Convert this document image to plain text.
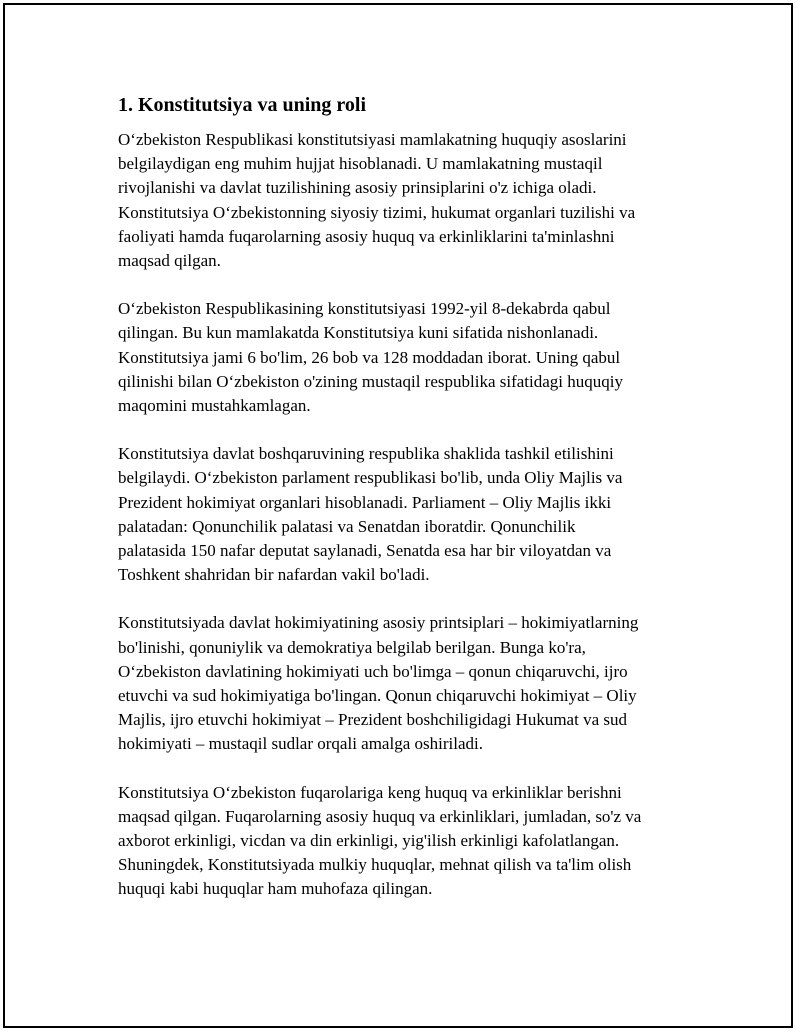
1. Konstitutsiya va uning roli

O‘zbekiston Respublikasi konstitutsiyasi mamlakatning huquqiy asoslarini
belgilaydigan eng muhim hujjat hisoblanadi. U mamlakatning mustaqil
rivojlanishi va davlat tuzilishining asosiy prinsiplarini o'z ichiga oladi.
Konstitutsiya O‘zbekistonning siyosiy tizimi, hukumat organlari tuzilishi va
faoliyati hamda fuqarolarning asosiy huquq va erkinliklarini ta'minlashni
maqsad qilgan.

O‘zbekiston Respublikasining konstitutsiyasi 1992-yil 8-dekabrda qabul
qilingan. Bu kun mamlakatda Konstitutsiya kuni sifatida nishonlanadi.
Konstitutsiya jami 6 bo'lim, 26 bob va 128 moddadan iborat. Uning qabul
qilinishi bilan O‘zbekiston o'zining mustaqil respublika sifatidagi huquqiy
maqomini mustahkamlagan.

Konstitutsiya davlat boshqaruvining respublika shaklida tashkil etilishini
belgilaydi. O‘zbekiston parlament respublikasi bo'lib, unda Oliy Majlis va
Prezident hokimiyat organlari hisoblanadi. Parliament – Oliy Majlis ikki
palatadan: Qonunchilik palatasi va Senatdan iboratdir. Qonunchilik
palatasida 150 nafar deputat saylanadi, Senatda esa har bir viloyatdan va
Toshkent shahridan bir nafardan vakil bo'ladi.

Konstitutsiyada davlat hokimiyatining asosiy printsiplari – hokimiyatlarning
bo'linishi, qonuniylik va demokratiya belgilab berilgan. Bunga ko'ra,
O‘zbekiston davlatining hokimiyati uch bo'limga – qonun chiqaruvchi, ijro
etuvchi va sud hokimiyatiga bo'lingan. Qonun chiqaruvchi hokimiyat – Oliy
Majlis, ijro etuvchi hokimiyat – Prezident boshchiligidagi Hukumat va sud
hokimiyati – mustaqil sudlar orqali amalga oshiriladi.

Konstitutsiya O‘zbekiston fuqarolariga keng huquq va erkinliklar berishni
maqsad qilgan. Fuqarolarning asosiy huquq va erkinliklari, jumladan, so'z va
axborot erkinligi, vicdan va din erkinligi, yig'ilish erkinligi kafolatlangan.
Shuningdek, Konstitutsiyada mulkiy huquqlar, mehnat qilish va ta'lim olish
huquqi kabi huquqlar ham muhofaza qilingan.
